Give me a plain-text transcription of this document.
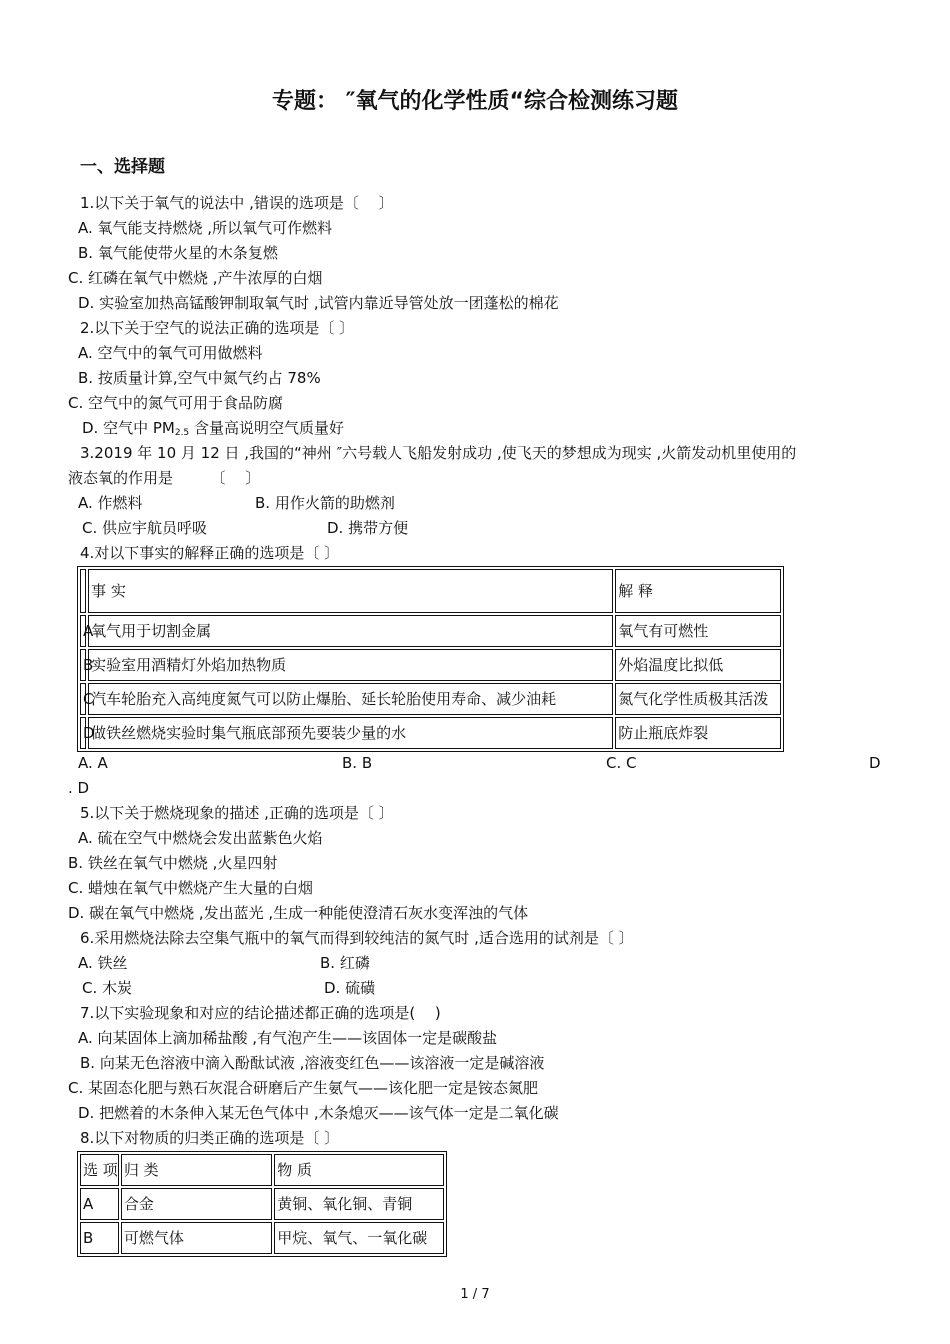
专题： ″氧气的化学性质“综合检测练习题
一、选择题
1.以下关于氧气的说法中 ,错误的选项是〔　 〕
A. 氧气能支持燃烧 ,所以氧气可作燃料
B. 氧气能使带火星的木条复燃
C. 红磷在氧气中燃烧 ,产牛浓厚的白烟
D. 实验室加热高锰酸钾制取氧气时 ,试管内靠近导管处放一团蓬松的棉花
2.以下关于空气的说法正确的选项是〔 〕
A. 空气中的氧气可用做燃料
B. 按质量计算,空气中氮气约占 78%
C. 空气中的氮气可用于食品防腐
D. 空气中 $PM_{2.5}$ 含量高说明空气质量好
3.2019 年 10 月 12 日 ,我国的“神州 ″六号载人飞船发射成功 ,使飞天的梦想成为现实 ,火箭发动机里使用的
液态氧的作用是　　　〔　 〕
A. 作燃料	B. 用作火箭的助燃剂
C. 供应宇航员呼吸	D. 携带方便
4.对以下事实的解释正确的选项是〔 〕
	事 实	解 释
A	氧气用于切割金属	氧气有可燃性
B	实验室用酒精灯外焰加热物质	外焰温度比拟低
C	汽车轮胎充入高纯度氮气可以防止爆胎、延长轮胎使用寿命、减少油耗	氮气化学性质极其活泼
D	做铁丝燃烧实验时集气瓶底部预先要装少量的水	防止瓶底炸裂
A. A	B. B	C. C	D
. D
5.以下关于燃烧现象的描述 ,正确的选项是〔 〕
A. 硫在空气中燃烧会发出蓝紫色火焰
B. 铁丝在氧气中燃烧 ,火星四射
C. 蜡烛在氧气中燃烧产生大量的白烟
D. 碳在氧气中燃烧 ,发出蓝光 ,生成一种能使澄清石灰水变浑浊的气体
6.采用燃烧法除去空集气瓶中的氧气而得到较纯洁的氮气时 ,适合选用的试剂是〔 〕
A. 铁丝	B. 红磷
C. 木炭	D. 硫磺
7.以下实验现象和对应的结论描述都正确的选项是(　 )
A. 向某固体上滴加稀盐酸 ,有气泡产生——该固体一定是碳酸盐
B. 向某无色溶液中滴入酚酞试液 ,溶液变红色——该溶液一定是碱溶液
C. 某固态化肥与熟石灰混合研磨后产生氨气——该化肥一定是铵态氮肥
D. 把燃着的木条伸入某无色气体中 ,木条熄灭——该气体一定是二氧化碳
8.以下对物质的归类正确的选项是〔 〕
选 项	归 类	物 质
A	合金	黄铜、氧化铜、青铜
B	可燃气体	甲烷、氧气、一氧化碳
1 / 7
